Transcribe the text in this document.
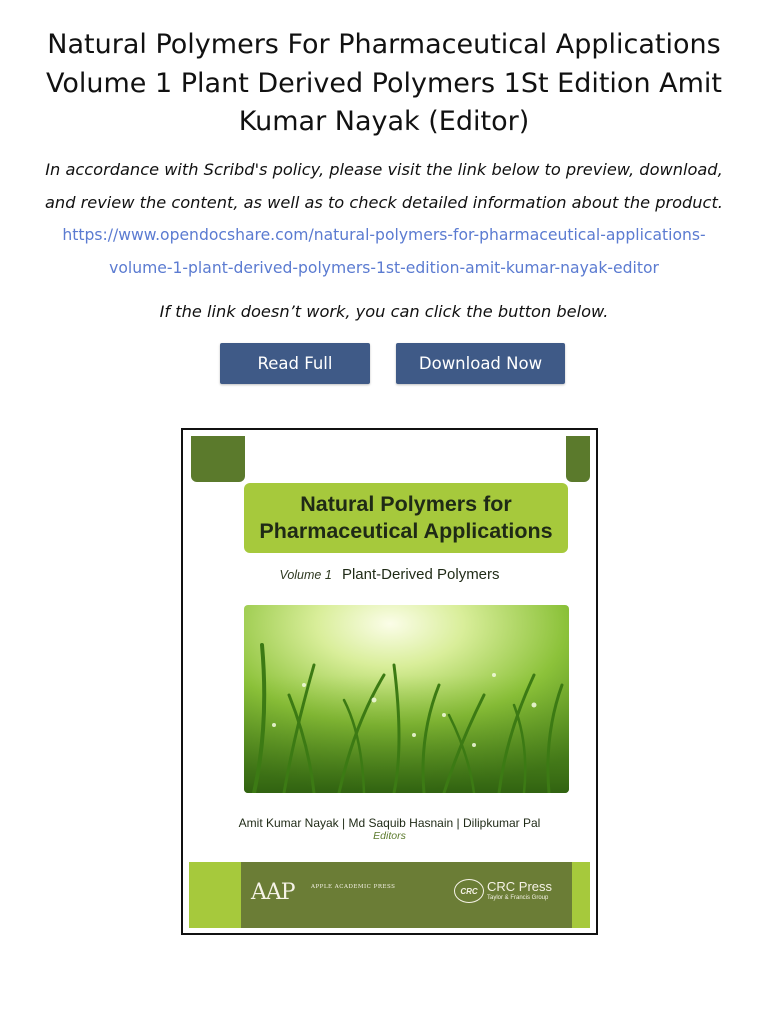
Natural Polymers For Pharmaceutical Applications Volume 1 Plant Derived Polymers 1St Edition Amit Kumar Nayak (Editor)

In accordance with Scribd's policy, please visit the link below to preview, download, and review the content, as well as to check detailed information about the product.
https://www.opendocshare.com/natural-polymers-for-pharmaceutical-applications-volume-1-plant-derived-polymers-1st-edition-amit-kumar-nayak-editor

If the link doesn’t work, you can click the button below.

Read Full	Download Now
Natural Polymers for
Pharmaceutical Applications
Volume 1 Plant-Derived Polymers
Amit Kumar Nayak | Md Saquib Hasnain | Dilipkumar Pal
Editors
AAP	APPLE ACADEMIC PRESS	CRC CRC Press
Taylor & Francis Group
